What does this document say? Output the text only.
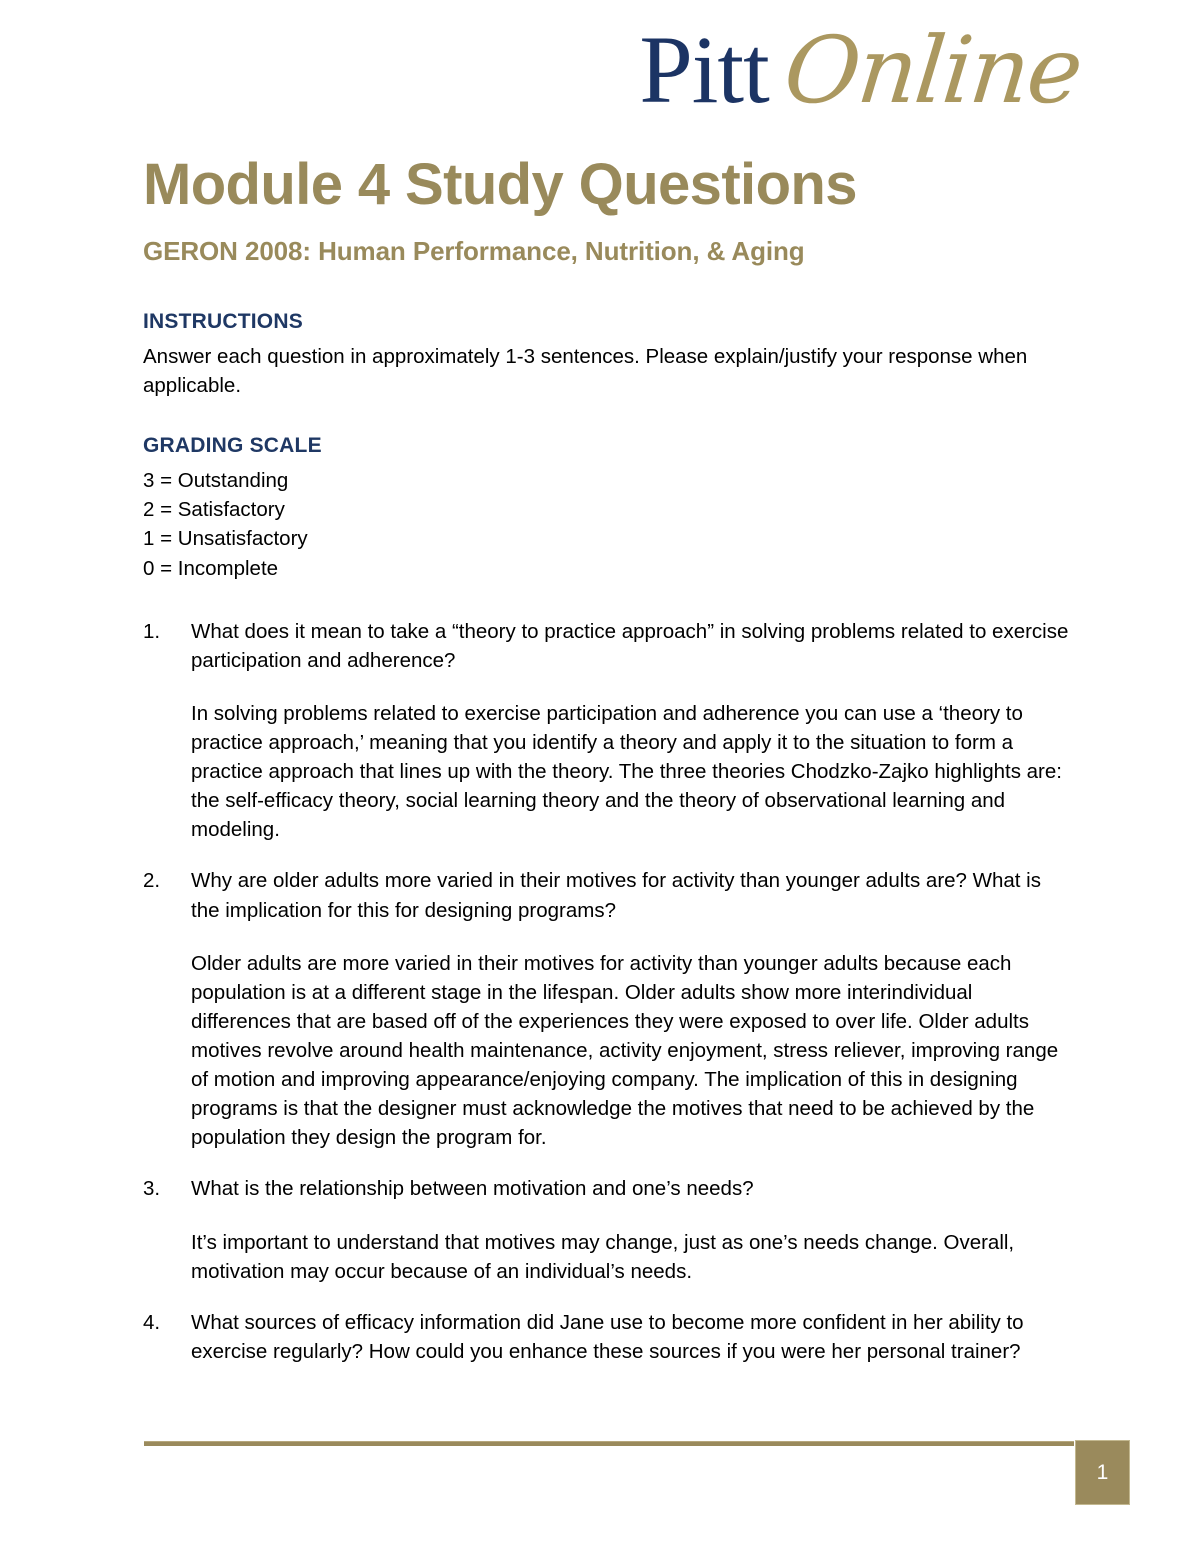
Pitt Online
Module 4 Study Questions
GERON 2008: Human Performance, Nutrition, & Aging
INSTRUCTIONS

Answer each question in approximately 1-3 sentences. Please explain/justify your response when applicable.

GRADING SCALE
3 = Outstanding
2 = Satisfactory
1 = Unsatisfactory
0 = Incomplete
1.	What does it mean to take a “theory to practice approach” in solving problems related to exercise participation and adherence?
In solving problems related to exercise participation and adherence you can use a ‘theory to practice approach,’ meaning that you identify a theory and apply it to the situation to form a practice approach that lines up with the theory. The three theories Chodzko-Zajko highlights are: the self-efficacy theory, social learning theory and the theory of observational learning and modeling.
2.	Why are older adults more varied in their motives for activity than younger adults are? What is the implication for this for designing programs?
Older adults are more varied in their motives for activity than younger adults because each population is at a different stage in the lifespan. Older adults show more interindividual differences that are based off of the experiences they were exposed to over life. Older adults motives revolve around health maintenance, activity enjoyment, stress reliever, improving range of motion and improving appearance/enjoying company. The implication of this in designing programs is that the designer must acknowledge the motives that need to be achieved by the population they design the program for.
3.	What is the relationship between motivation and one’s needs?
It’s important to understand that motives may change, just as one’s needs change. Overall, motivation may occur because of an individual’s needs.
4.	What sources of efficacy information did Jane use to become more confident in her ability to exercise regularly? How could you enhance these sources if you were her personal trainer?
1
